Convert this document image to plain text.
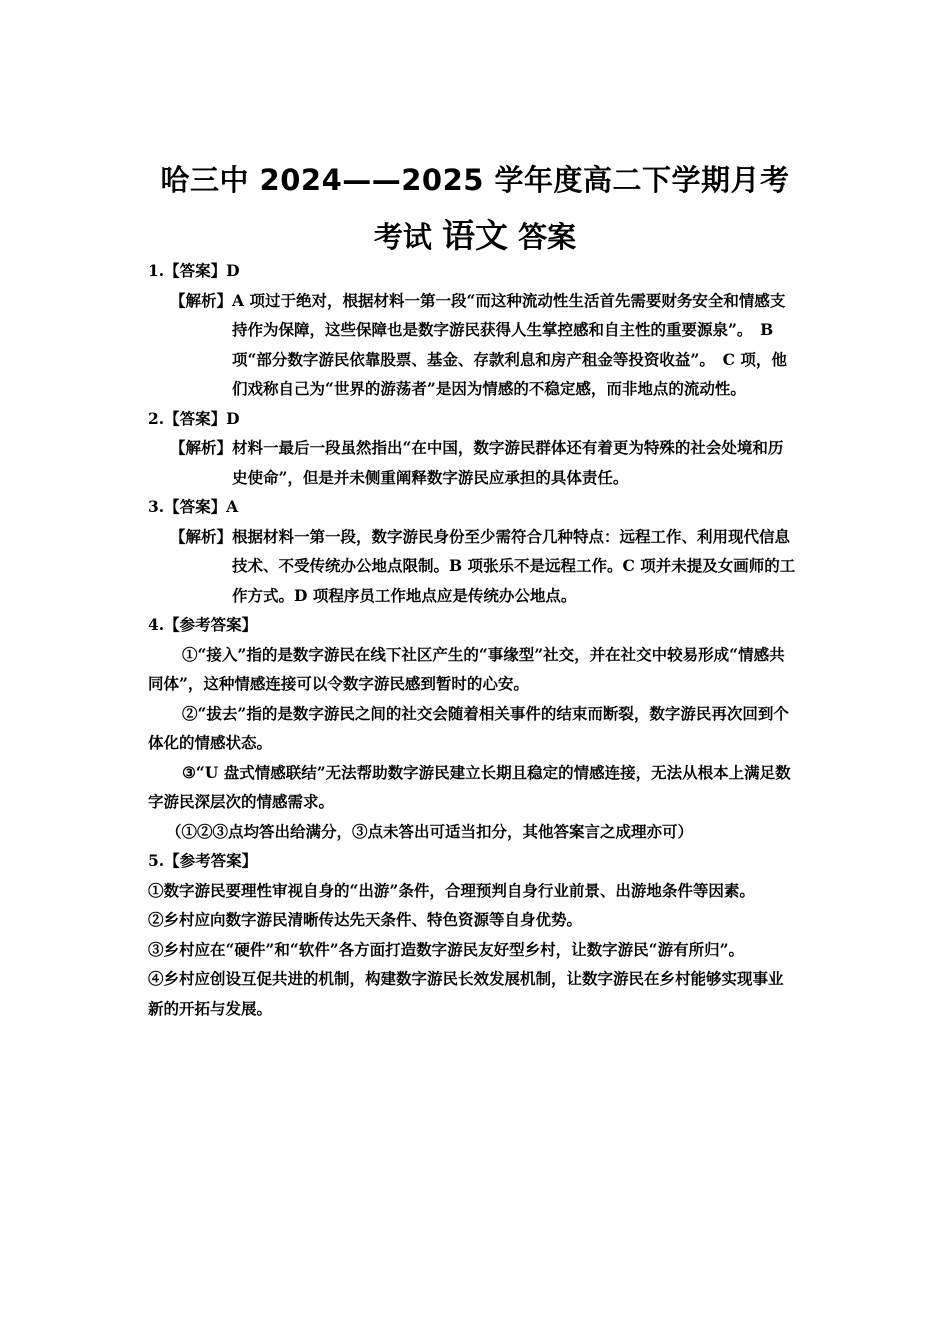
哈三中 2024——2025 学年度高二下学期月考
考试 语文 答案
1.【答案】D
【解析】 A 项过于绝对，根据材料一第一段“而这种流动性生活首先需要财务安全和情感支持作为保障，这些保障也是数字游民获得人生掌控感和自主性的重要源泉”。　B 项“部分数字游民依靠股票、基金、存款利息和房产租金等投资收益”。　C 项，他们戏称自己为“世界的游荡者”是因为情感的不稳定感，而非地点的流动性。
2.【答案】D
【解析】 材料一最后一段虽然指出“在中国，数字游民群体还有着更为特殊的社会处境和历史使命”，但是并未侧重阐释数字游民应承担的具体责任。
3.【答案】A
【解析】 根据材料一第一段，数字游民身份至少需符合几种特点：远程工作、利用现代信息技术、不受传统办公地点限制。B 项张乐不是远程工作。C 项并未提及女画师的工作方式。D 项程序员工作地点应是传统办公地点。
4.【参考答案】
①“接入”指的是数字游民在线下社区产生的“事缘型”社交，并在社交中较易形成“情感共同体”，这种情感连接可以令数字游民感到暂时的心安。
②“拔去”指的是数字游民之间的社交会随着相关事件的结束而断裂，数字游民再次回到个体化的情感状态。
③“U 盘式情感联结”无法帮助数字游民建立长期且稳定的情感连接，无法从根本上满足数字游民深层次的情感需求。
（①②③点均答出给满分，③点未答出可适当扣分，其他答案言之成理亦可）
5.【参考答案】
①数字游民要理性审视自身的“出游”条件，合理预判自身行业前景、出游地条件等因素。
②乡村应向数字游民清晰传达先天条件、特色资源等自身优势。
③乡村应在“硬件”和“软件”各方面打造数字游民友好型乡村，让数字游民“游有所归”。
④乡村应创设互促共进的机制，构建数字游民长效发展机制，让数字游民在乡村能够实现事业新的开拓与发展。
